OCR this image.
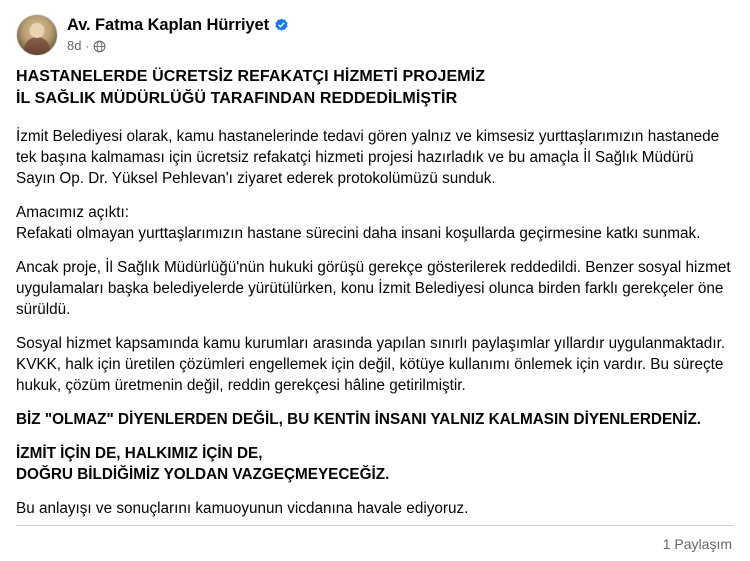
Av. Fatma Kaplan Hürriyet
8d ·
HASTANELERDE ÜCRETSİZ REFAKATÇI HİZMETİ PROJEMİZ
İL SAĞLIK MÜDÜRLÜĞÜ TARAFINDAN REDDEDİLMİŞTİR
İzmit Belediyesi olarak, kamu hastanelerinde tedavi gören yalnız ve kimsesiz yurttaşlarımızın hastanede tek başına kalmaması için ücretsiz refakatçi hizmeti projesi hazırladık ve bu amaçla İl Sağlık Müdürü Sayın Op. Dr. Yüksel Pehlevan'ı ziyaret ederek protokolümüzü sunduk.
Amacımız açıktı:
Refakati olmayan yurttaşlarımızın hastane sürecini daha insani koşullarda geçirmesine katkı sunmak.
Ancak proje, İl Sağlık Müdürlüğü'nün hukuki görüşü gerekçe gösterilerek reddedildi. Benzer sosyal hizmet uygulamaları başka belediyelerde yürütülürken, konu İzmit Belediyesi olunca birden farklı gerekçeler öne sürüldü.
Sosyal hizmet kapsamında kamu kurumları arasında yapılan sınırlı paylaşımlar yıllardır uygulanmaktadır. KVKK, halk için üretilen çözümleri engellemek için değil, kötüye kullanımı önlemek için vardır. Bu süreçte hukuk, çözüm üretmenin değil, reddin gerekçesi hâline getirilmiştir.
BİZ "OLMAZ" DİYENLERDEN DEĞİL, BU KENTİN İNSANI YALNIZ KALMASIN DİYENLERDENİZ.
İZMİT İÇİN DE, HALKIMIZ İÇİN DE,
DOĞRU BİLDİĞİMİZ YOLDAN VAZGEÇMEYECEĞİZ.
Bu anlayışı ve sonuçlarını kamuoyunun vicdanına havale ediyoruz.
1 Paylaşım
